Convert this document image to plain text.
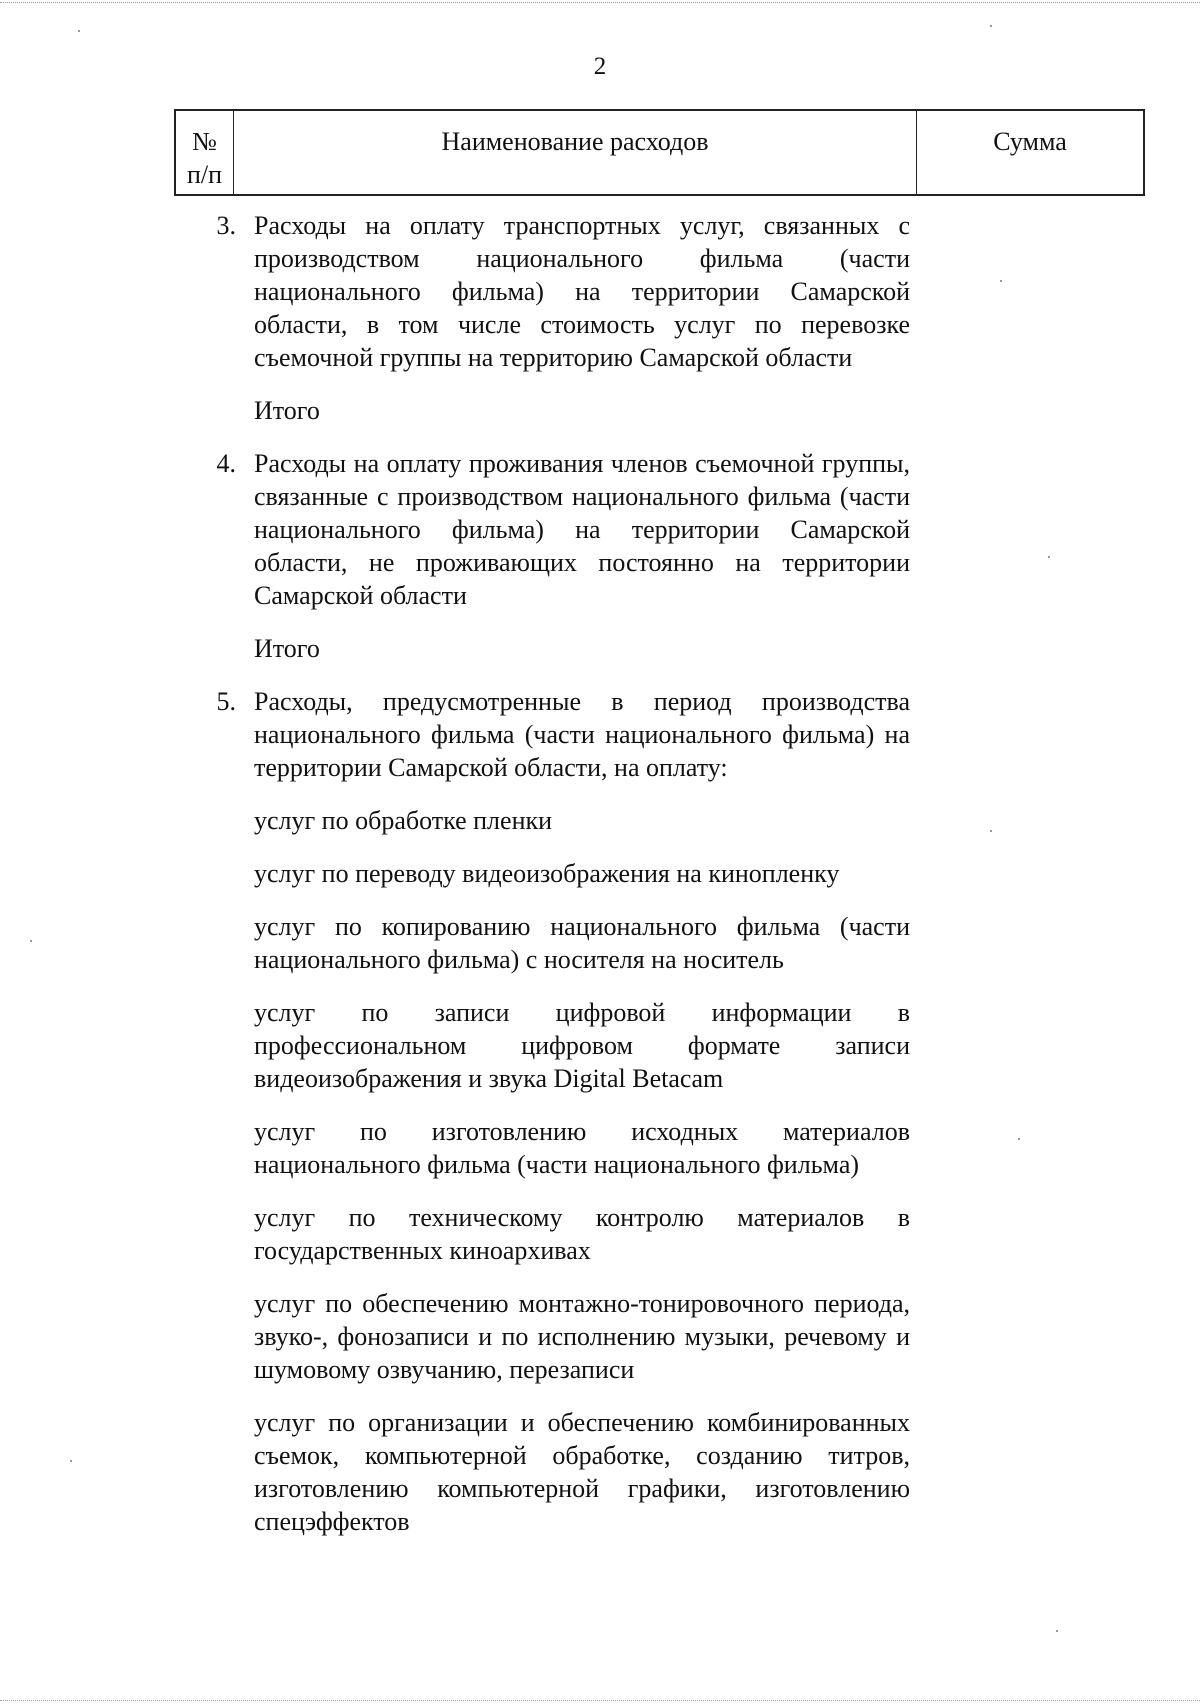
2
№
п/п
Наименование расходов	Сумма
3. Расходы на оплату транспортных услуг, связанных с производством национального фильма (части национального фильма) на территории Самарской области, в том числе стоимость услуг по перевозке съемочной группы на территорию Самарской области

Итого
4. Расходы на оплату проживания членов съемочной группы, связанные с производством национального фильма (части национального фильма) на территории Самарской области, не проживающих постоянно на территории Самарской области

Итого
5. Расходы, предусмотренные в период производства национального фильма (части национального фильма) на территории Самарской области, на оплату:

услуг по обработке пленки
услуг по переводу видеоизображения на кинопленку
услуг по копированию национального фильма (части национального фильма) с носителя на носитель
услуг по записи цифровой информации в профессиональном цифровом формате записи видеоизображения и звука Digital Betacam
услуг по изготовлению исходных материалов национального фильма (части национального фильма)
услуг по техническому контролю материалов в государственных киноархивах
услуг по обеспечению монтажно-тонировочного периода, звуко-, фонозаписи и по исполнению музыки, речевому и шумовому озвучанию, перезаписи
услуг по организации и обеспечению комбинированных съемок, компьютерной обработке, созданию титров, изготовлению компьютерной графики, изготовлению спецэффектов
